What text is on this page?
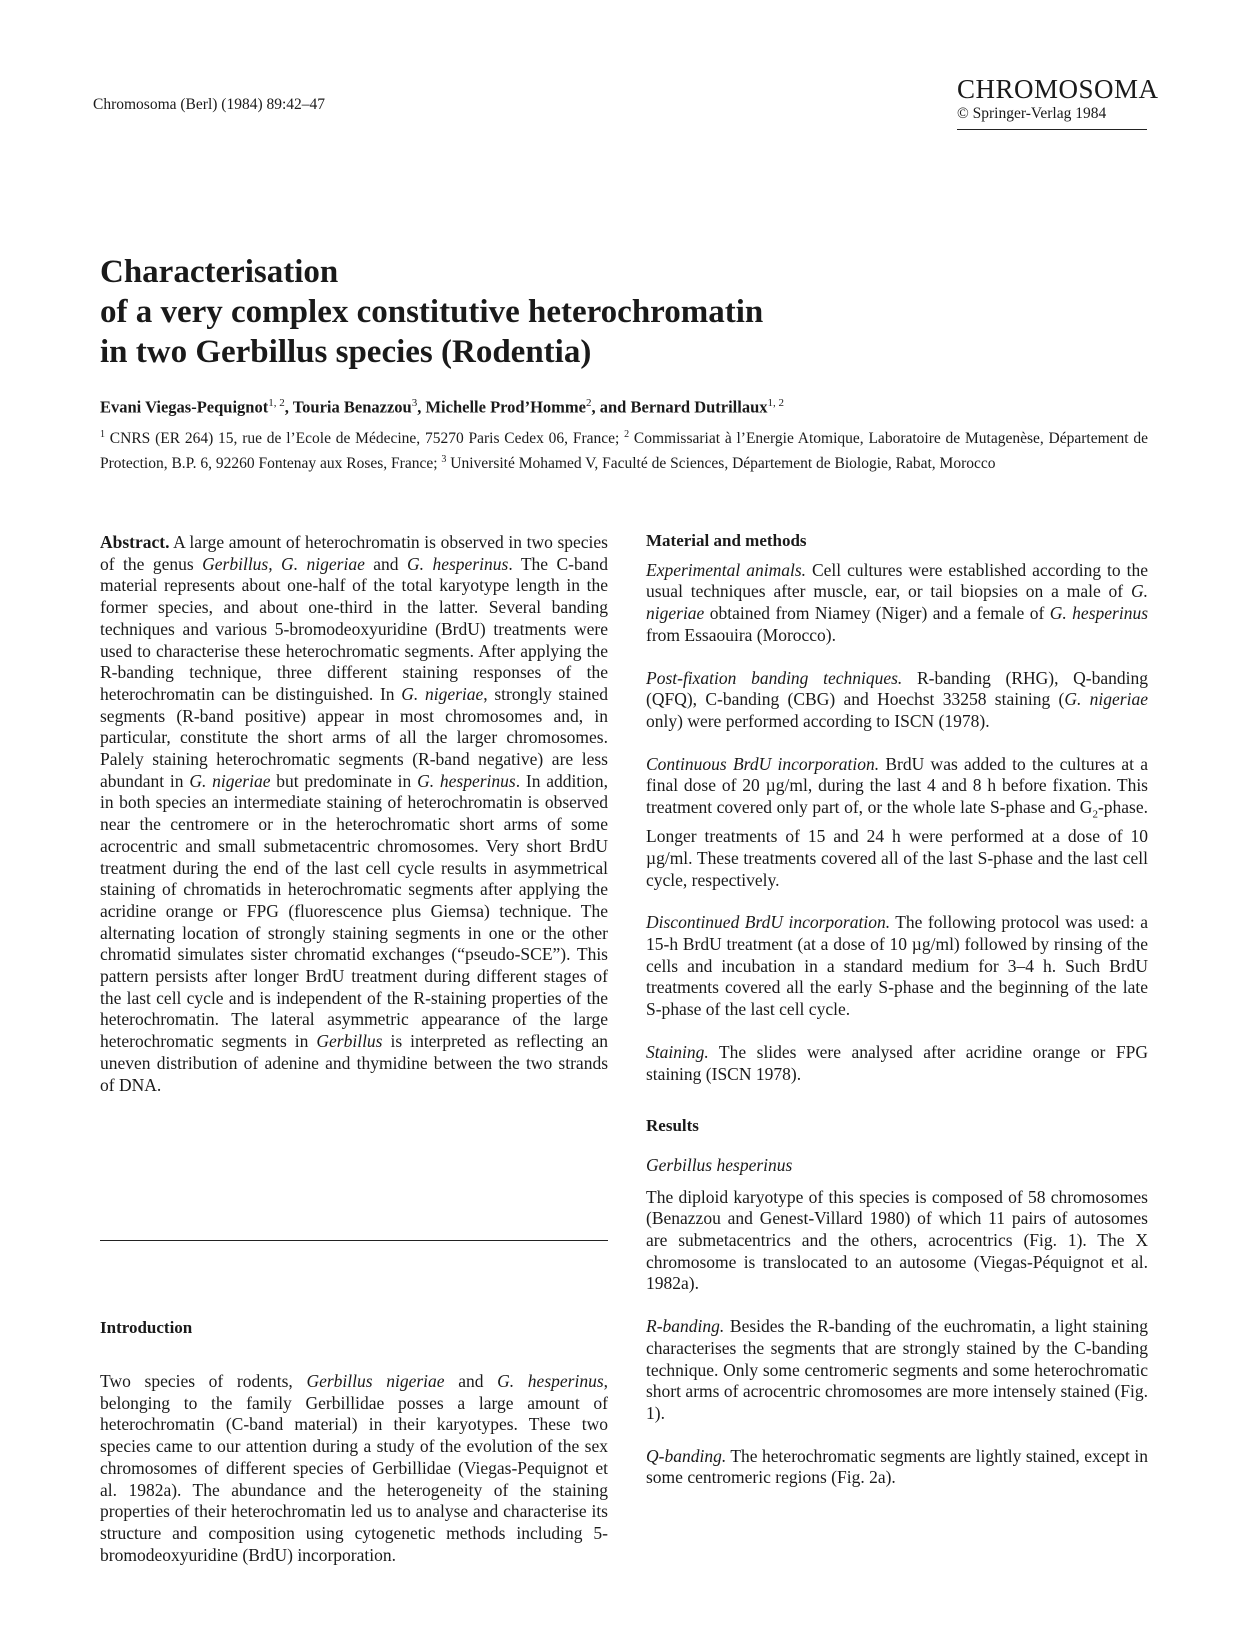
Chromosoma (Berl) (1984) 89:42–47
CHROMOSOMA
© Springer-Verlag 1984
Characterisation
of a very complex constitutive heterochromatin
in two Gerbillus species (Rodentia)
Evani Viegas-Pequignot$^{1, 2}$, Touria Benazzou$^3$, Michelle Prod’Homme$^2$, and Bernard Dutrillaux$^{1, 2}$
$^1$ CNRS (ER 264) 15, rue de l’Ecole de Médecine, 75270 Paris Cedex 06, France; $^2$ Commissariat à l’Energie Atomique, Laboratoire de Mutagenèse, Département de Protection, B.P. 6, 92260 Fontenay aux Roses, France; $^3$ Université Mohamed V, Faculté de Sciences, Département de Biologie, Rabat, Morocco

Abstract. A large amount of heterochromatin is observed in two species of the genus Gerbillus, G. nigeriae and G. hesperinus. The C-band material represents about one-half of the total karyotype length in the former species, and about one-third in the latter. Several banding techniques and various 5-bromodeoxyuridine (BrdU) treatments were used to characterise these heterochromatic segments. After applying the R-banding technique, three different staining responses of the heterochromatin can be distinguished. In G. nigeriae, strongly stained segments (R-band positive) appear in most chromosomes and, in particular, constitute the short arms of all the larger chromosomes. Palely staining heterochromatic segments (R-band negative) are less abundant in G. nigeriae but predominate in G. hesperinus. In addition, in both species an intermediate staining of heterochromatin is observed near the centromere or in the heterochromatic short arms of some acrocentric and small submetacentric chromosomes. Very short BrdU treatment during the end of the last cell cycle results in asymmetrical staining of chromatids in heterochromatic segments after applying the acridine orange or FPG (fluorescence plus Giemsa) technique. The alternating location of strongly staining segments in one or the other chromatid simulates sister chromatid exchanges (“pseudo-SCE”). This pattern persists after longer BrdU treatment during different stages of the last cell cycle and is independent of the R-staining properties of the heterochromatin. The lateral asymmetric appearance of the large heterochromatic segments in Gerbillus is interpreted as reflecting an uneven distribution of adenine and thymidine between the two strands of DNA.

Introduction

Two species of rodents, Gerbillus nigeriae and G. hesperinus, belonging to the family Gerbillidae posses a large amount of heterochromatin (C-band material) in their karyotypes. These two species came to our attention during a study of the evolution of the sex chromosomes of different species of Gerbillidae (Viegas-Pequignot et al. 1982a). The abundance and the heterogeneity of the staining properties of their heterochromatin led us to analyse and characterise its structure and composition using cytogenetic methods including 5-bromodeoxyuridine (BrdU) incorporation.

Material and methods

Experimental animals. Cell cultures were established according to the usual techniques after muscle, ear, or tail biopsies on a male of G. nigeriae obtained from Niamey (Niger) and a female of G. hesperinus from Essaouira (Morocco).

Post-fixation banding techniques. R-banding (RHG), Q-banding (QFQ), C-banding (CBG) and Hoechst 33258 staining (G. nigeriae only) were performed according to ISCN (1978).

Continuous BrdU incorporation. BrdU was added to the cultures at a final dose of 20 µg/ml, during the last 4 and 8 h before fixation. This treatment covered only part of, or the whole late S-phase and $G_2$-phase. Longer treatments of 15 and 24 h were performed at a dose of 10 µg/ml. These treatments covered all of the last S-phase and the last cell cycle, respectively.

Discontinued BrdU incorporation. The following protocol was used: a 15-h BrdU treatment (at a dose of 10 µg/ml) followed by rinsing of the cells and incubation in a standard medium for 3–4 h. Such BrdU treatments covered all the early S-phase and the beginning of the late S-phase of the last cell cycle.

Staining. The slides were analysed after acridine orange or FPG staining (ISCN 1978).

Results

Gerbillus hesperinus

The diploid karyotype of this species is composed of 58 chromosomes (Benazzou and Genest-Villard 1980) of which 11 pairs of autosomes are submetacentrics and the others, acrocentrics (Fig. 1). The X chromosome is translocated to an autosome (Viegas-Péquignot et al. 1982a).

R-banding. Besides the R-banding of the euchromatin, a light staining characterises the segments that are strongly stained by the C-banding technique. Only some centromeric segments and some heterochromatic short arms of acrocentric chromosomes are more intensely stained (Fig. 1).

Q-banding. The heterochromatic segments are lightly stained, except in some centromeric regions (Fig. 2a).
